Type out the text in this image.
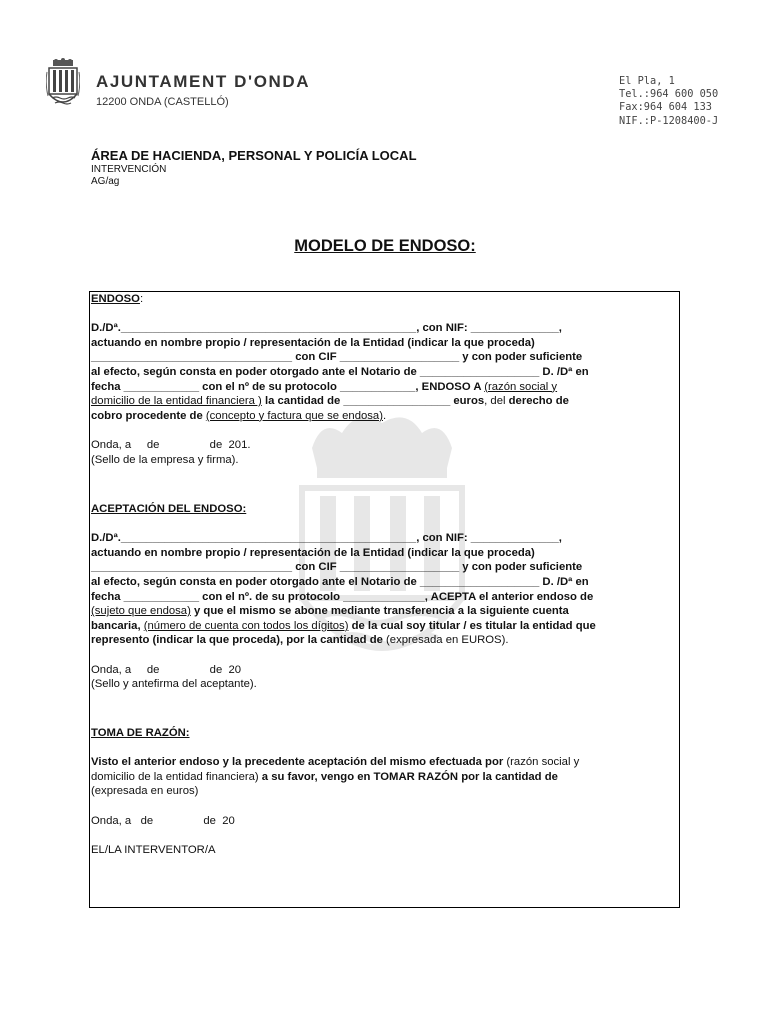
AJUNTAMENT D'ONDA
12200 ONDA (CASTELLÓ)
El Pla, 1
Tel.:964 600 050
Fax:964 604 133
NIF.:P-1208400-J
ÁREA DE HACIENDA, PERSONAL Y POLICÍA LOCAL
INTERVENCIÓN
AG/ag
MODELO DE ENDOSO:

ENDOSO:

D./Dª._______________________________________________, con NIF: ______________,
actuando en nombre propio / representación de la Entidad (indicar la que proceda)
________________________________ con CIF ___________________ y con poder suficiente
al efecto, según consta en poder otorgado ante el Notario de ___________________ D. /Dª en
fecha ____________ con el nº de su protocolo ____________, ENDOSO A (razón social y
domicilio de la entidad financiera ) la cantidad de _________________ euros, del derecho de
cobro procedente de (concepto y factura que se endosa).

Onda, a     de                de  201.
(Sello de la empresa y firma).

ACEPTACIÓN DEL ENDOSO:

D./Dª._______________________________________________, con NIF: ______________,
actuando en nombre propio / representación de la Entidad (indicar la que proceda)
________________________________ con CIF ___________________ y con poder suficiente
al efecto, según consta en poder otorgado ante el Notario de ___________________ D. /Dª en
fecha ____________ con el nº. de su protocolo _____________, ACEPTA el anterior endoso de
(sujeto que endosa) y que el mismo se abone mediante transferencia a la siguiente cuenta
bancaria, (número de cuenta con todos los dígitos) de la cual soy titular / es titular la entidad que
represento (indicar la que proceda), por la cantidad de (expresada en EUROS).

Onda, a     de                de  20
(Sello y antefirma del aceptante).

TOMA DE RAZÓN:

Visto el anterior endoso y la precedente aceptación del mismo efectuada por (razón social y
domicilio de la entidad financiera) a su favor, vengo en TOMAR RAZÓN por la cantidad de
(expresada en euros)

Onda, a   de                de  20

EL/LA INTERVENTOR/A
